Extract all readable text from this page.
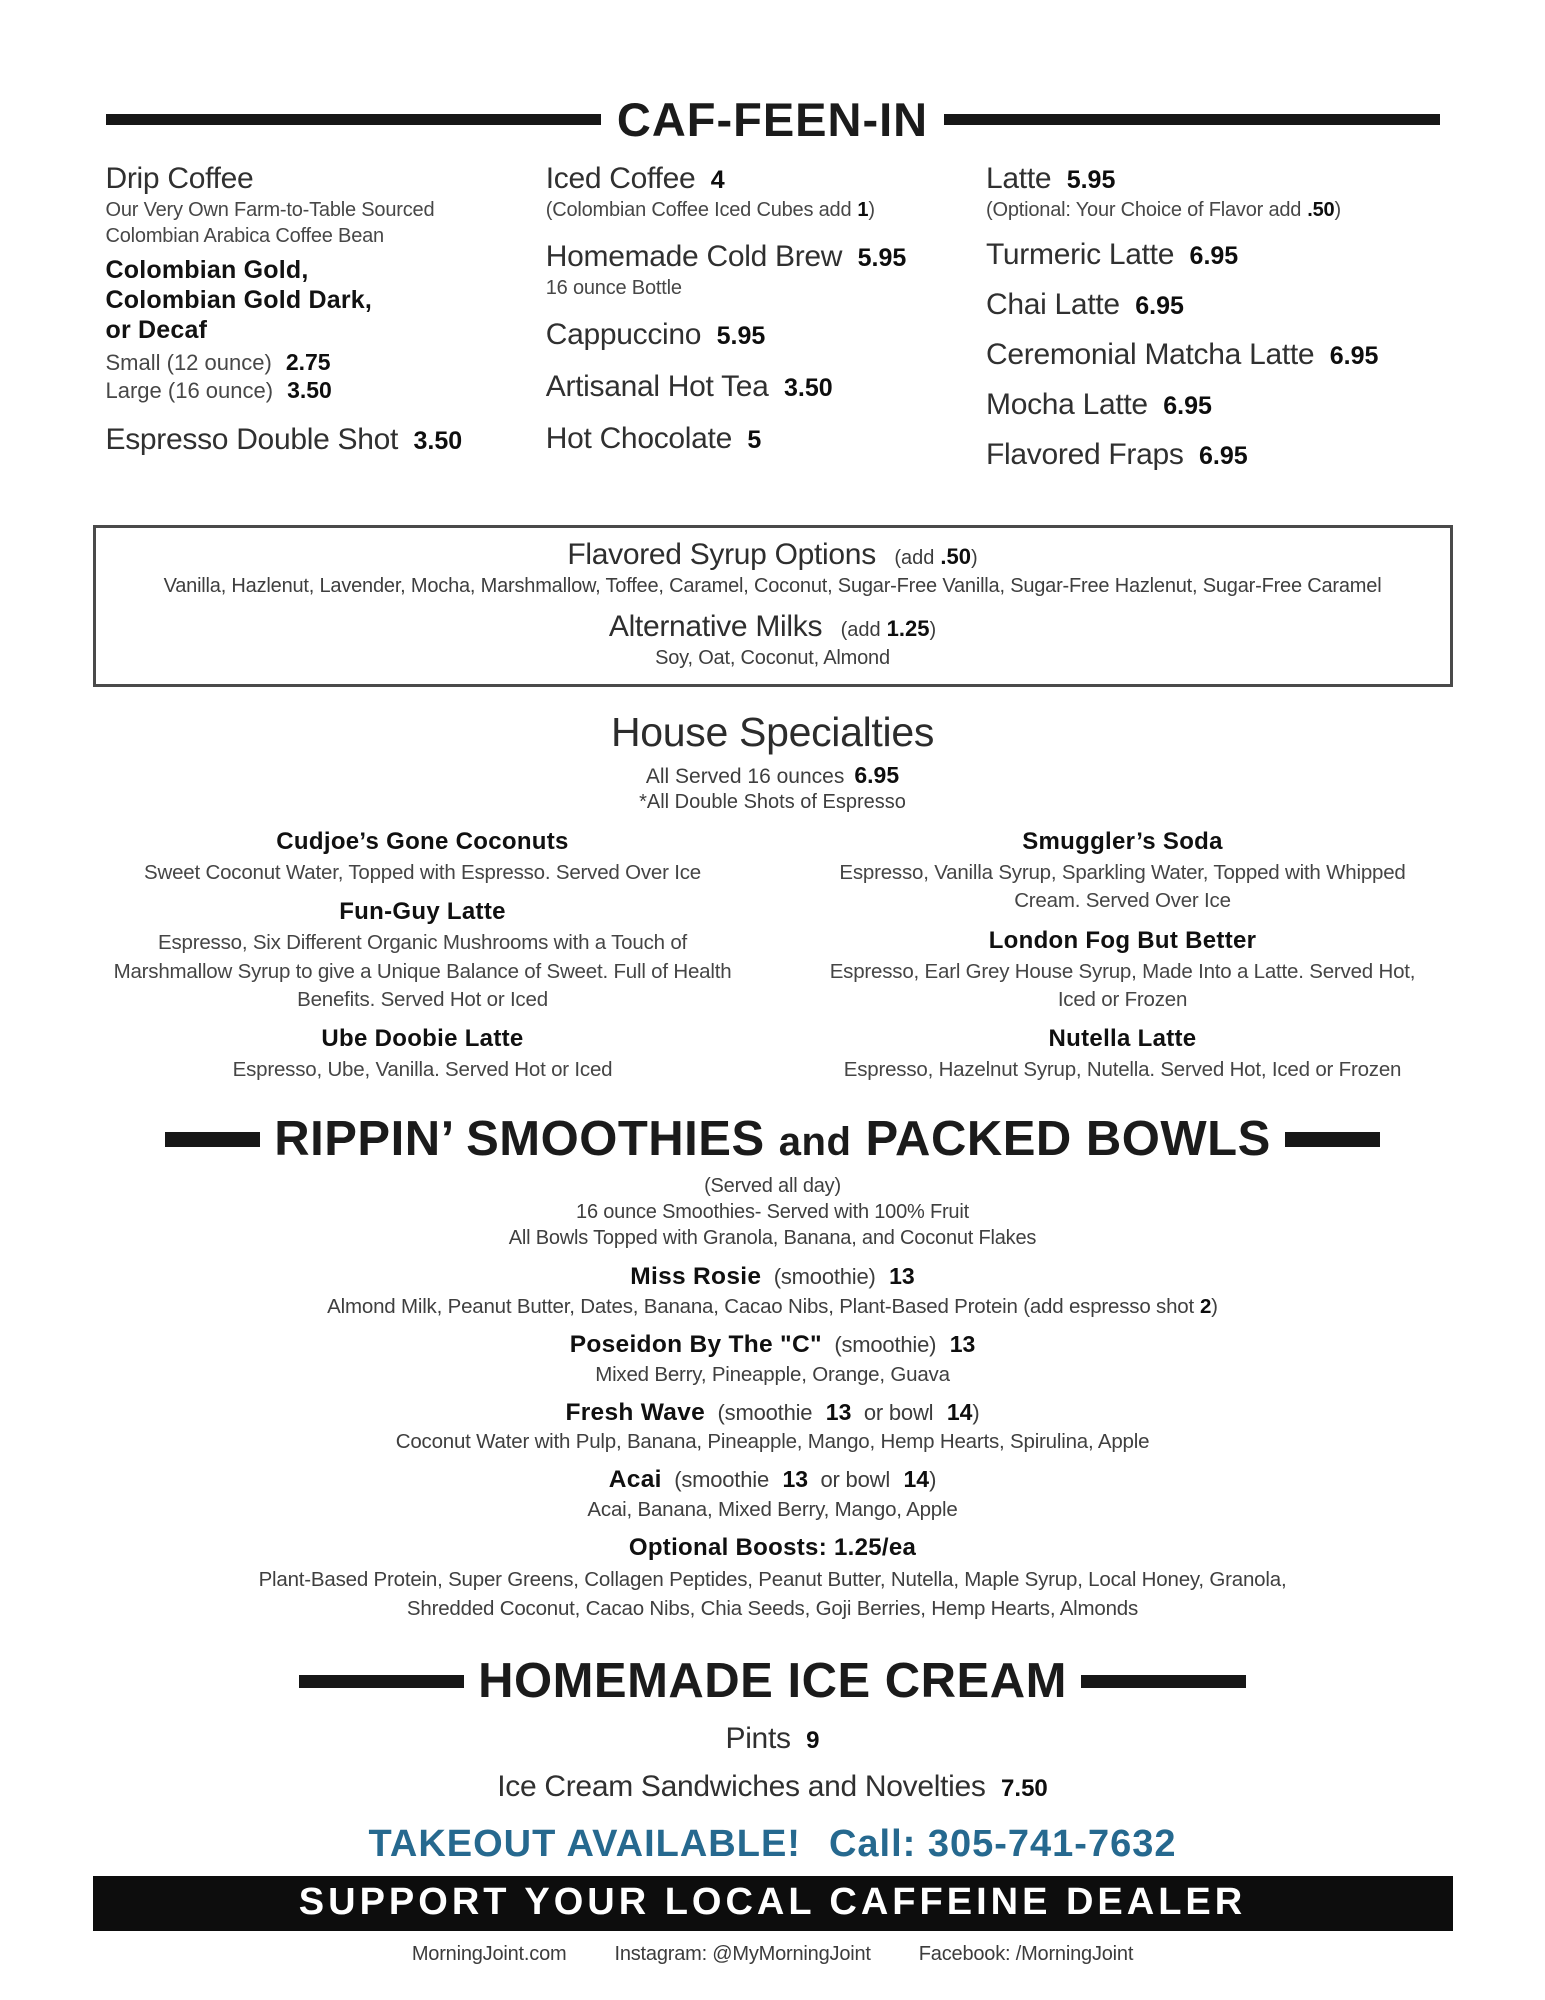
CAF-FEEN-IN
Drip Coffee
Our Very Own Farm-to-Table Sourced
Colombian Arabica Coffee Bean
Colombian Gold,
Colombian Gold Dark,
or Decaf
Small (12 ounce) 2.75
Large (16 ounce) 3.50
Espresso Double Shot 3.50
Iced Coffee 4
(Colombian Coffee Iced Cubes add 1)
Homemade Cold Brew 5.95
16 ounce Bottle
Cappuccino 5.95
Artisanal Hot Tea 3.50
Hot Chocolate 5
Latte 5.95
(Optional: Your Choice of Flavor add .50)
Turmeric Latte 6.95
Chai Latte 6.95
Ceremonial Matcha Latte 6.95
Mocha Latte 6.95
Flavored Fraps 6.95
Flavored Syrup Options (add .50)
Vanilla, Hazlenut, Lavender, Mocha, Marshmallow, Toffee, Caramel, Coconut, Sugar-Free Vanilla, Sugar-Free Hazlenut, Sugar-Free Caramel
Alternative Milks (add 1.25)
Soy, Oat, Coconut, Almond
House Specialties
All Served 16 ounces 6.95
*All Double Shots of Espresso
Cudjoe’s Gone Coconuts
Sweet Coconut Water, Topped with Espresso. Served Over Ice
Fun-Guy Latte
Espresso, Six Different Organic Mushrooms with a Touch of Marshmallow Syrup to give a Unique Balance of Sweet. Full of Health Benefits. Served Hot or Iced
Ube Doobie Latte
Espresso, Ube, Vanilla. Served Hot or Iced
Smuggler’s Soda
Espresso, Vanilla Syrup, Sparkling Water, Topped with Whipped Cream. Served Over Ice
London Fog But Better
Espresso, Earl Grey House Syrup, Made Into a Latte. Served Hot, Iced or Frozen
Nutella Latte
Espresso, Hazelnut Syrup, Nutella. Served Hot, Iced or Frozen
RIPPIN’ SMOOTHIES and PACKED BOWLS
(Served all day)
16 ounce Smoothies- Served with 100% Fruit
All Bowls Topped with Granola, Banana, and Coconut Flakes
Miss Rosie (smoothie) 13
Almond Milk, Peanut Butter, Dates, Banana, Cacao Nibs, Plant-Based Protein (add espresso shot 2)
Poseidon By The "C" (smoothie) 13
Mixed Berry, Pineapple, Orange, Guava
Fresh Wave (smoothie 13 or bowl 14)
Coconut Water with Pulp, Banana, Pineapple, Mango, Hemp Hearts, Spirulina, Apple
Acai (smoothie 13 or bowl 14)
Acai, Banana, Mixed Berry, Mango, Apple
Optional Boosts: 1.25/ea
Plant-Based Protein, Super Greens, Collagen Peptides, Peanut Butter, Nutella, Maple Syrup, Local Honey, Granola, Shredded Coconut, Cacao Nibs, Chia Seeds, Goji Berries, Hemp Hearts, Almonds
HOMEMADE ICE CREAM
Pints 9
Ice Cream Sandwiches and Novelties 7.50
TAKEOUT AVAILABLE! Call: 305-741-7632
SUPPORT YOUR LOCAL CAFFEINE DEALER
MorningJoint.com Instagram: @MyMorningJoint Facebook: /MorningJoint
